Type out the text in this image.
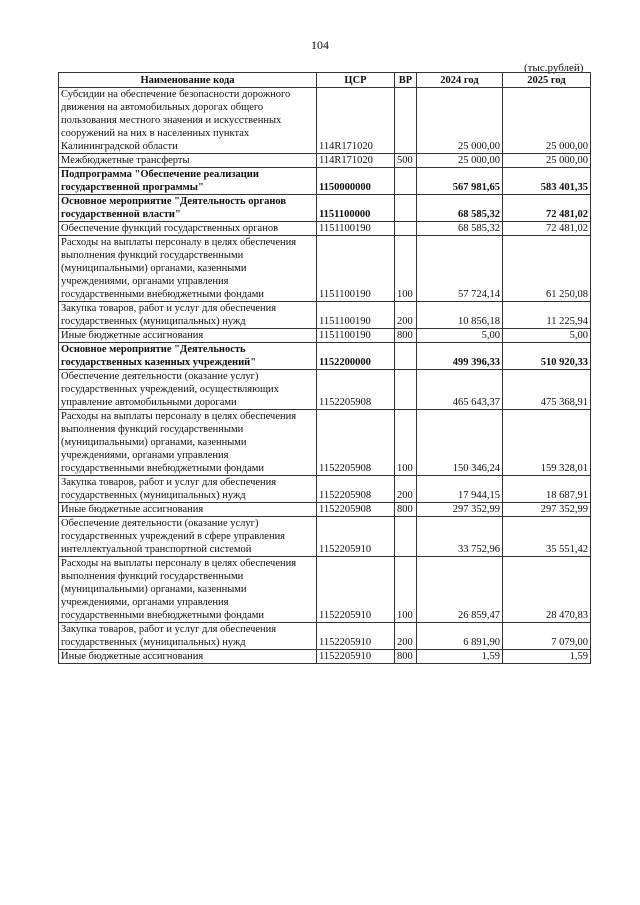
104
(тыс.рублей)
Наименование кода	ЦСР	ВР	2024 год	2025 год
Субсидии на обеспечение безопасности дорожного движения на автомобильных дорогах общего пользования местного значения и искусственных сооружений на них в населенных пунктах Калининградской области	114R171020		25 000,00	25 000,00
Межбюджетные трансферты	114R171020	500	25 000,00	25 000,00
Подпрограмма "Обеспечение реализации государственной программы"	1150000000		567 981,65	583 401,35
Основное мероприятие "Деятельность органов государственной власти"	1151100000		68 585,32	72 481,02
Обеспечение функций государственных органов	1151100190		68 585,32	72 481,02
Расходы на выплаты персоналу в целях обеспечения выполнения функций государственными (муниципальными) органами, казенными учреждениями, органами управления государственными внебюджетными фондами	1151100190	100	57 724,14	61 250,08
Закупка товаров, работ и услуг для обеспечения государственных (муниципальных) нужд	1151100190	200	10 856,18	11 225,94
Иные бюджетные ассигнования	1151100190	800	5,00	5,00
Основное мероприятие "Деятельность государственных казенных учреждений"	1152200000		499 396,33	510 920,33
Обеспечение деятельности (оказание услуг) государственных учреждений, осуществляющих управление автомобильными дорогами	1152205908		465 643,37	475 368,91
Расходы на выплаты персоналу в целях обеспечения выполнения функций государственными (муниципальными) органами, казенными учреждениями, органами управления государственными внебюджетными фондами	1152205908	100	150 346,24	159 328,01
Закупка товаров, работ и услуг для обеспечения государственных (муниципальных) нужд	1152205908	200	17 944,15	18 687,91
Иные бюджетные ассигнования	1152205908	800	297 352,99	297 352,99
Обеспечение деятельности (оказание услуг) государственных учреждений в сфере управления интеллектуальной транспортной системой	1152205910		33 752,96	35 551,42
Расходы на выплаты персоналу в целях обеспечения выполнения функций государственными (муниципальными) органами, казенными учреждениями, органами управления государственными внебюджетными фондами	1152205910	100	26 859,47	28 470,83
Закупка товаров, работ и услуг для обеспечения государственных (муниципальных) нужд	1152205910	200	6 891,90	7 079,00
Иные бюджетные ассигнования	1152205910	800	1,59	1,59
